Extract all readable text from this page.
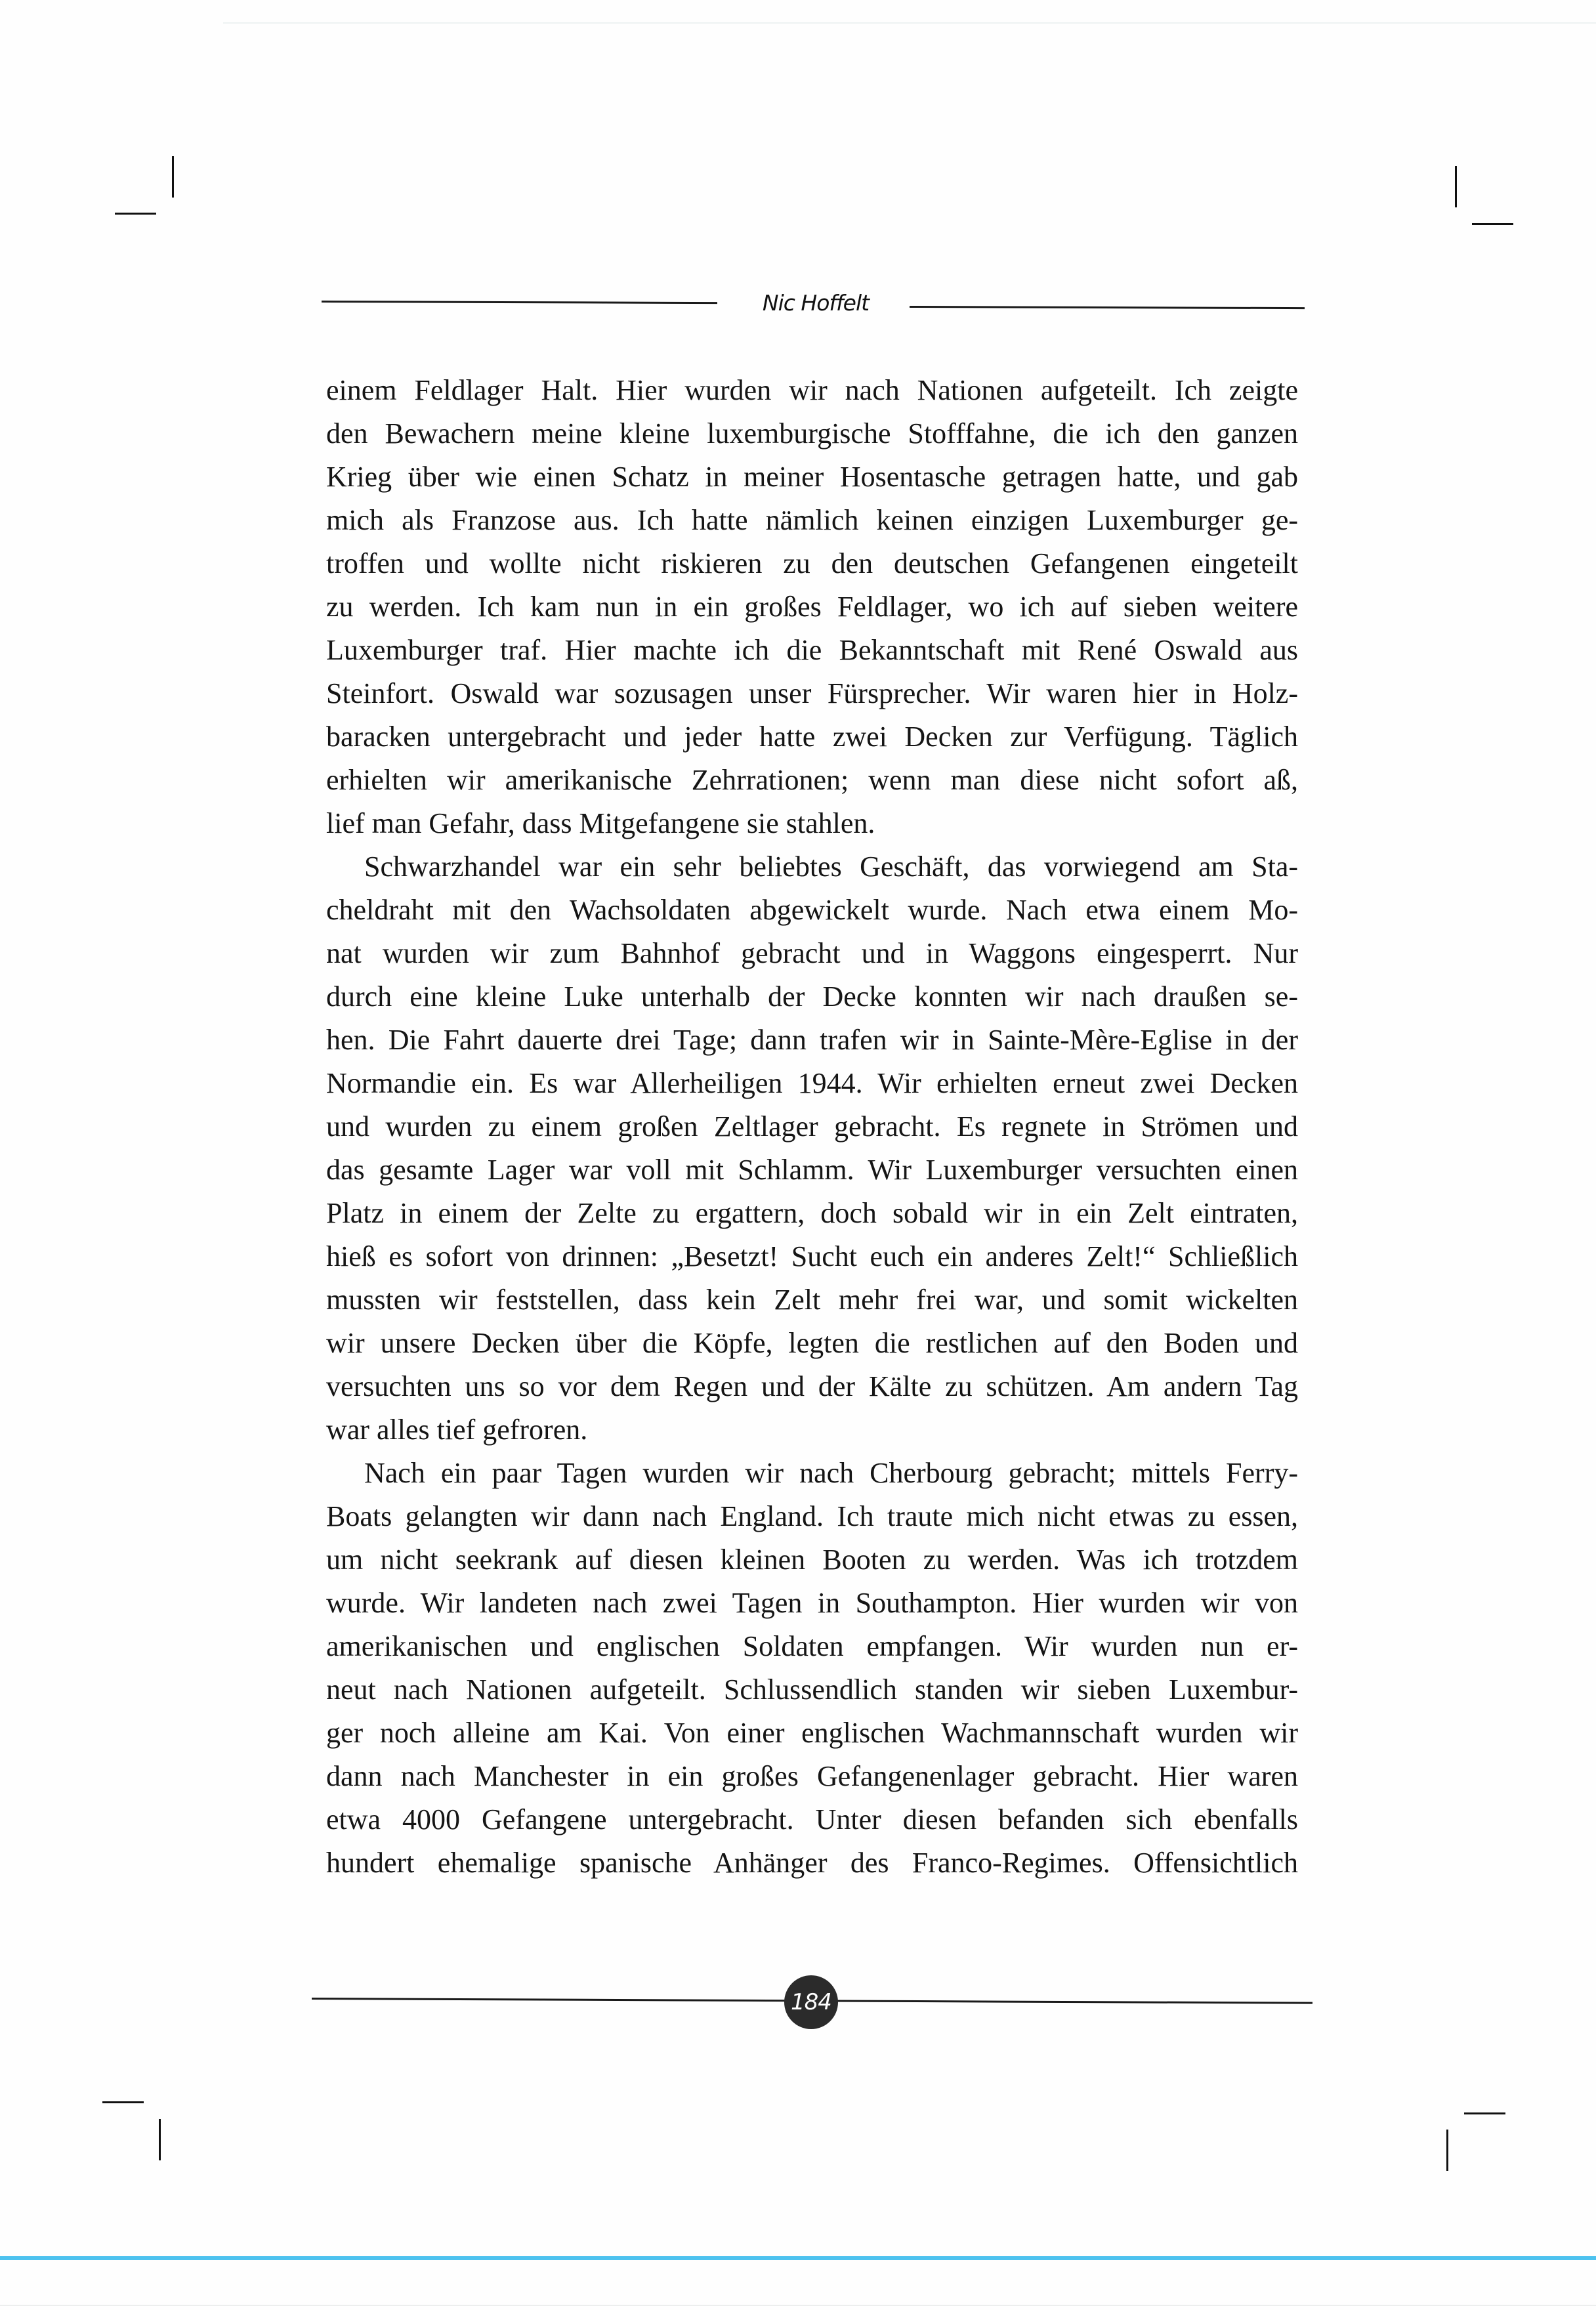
Nic Hoffelt
einem Feldlager Halt. Hier wurden wir nach Nationen aufgeteilt. Ich zeigte
den Bewachern meine kleine luxemburgische Stofffahne, die ich den ganzen
Krieg über wie einen Schatz in meiner Hosentasche getragen hatte, und gab
mich als Franzose aus. Ich hatte nämlich keinen einzigen Luxemburger ge-
troffen und wollte nicht riskieren zu den deutschen Gefangenen eingeteilt
zu werden. Ich kam nun in ein großes Feldlager, wo ich auf sieben weitere
Luxemburger traf. Hier machte ich die Bekanntschaft mit René Oswald aus
Steinfort. Oswald war sozusagen unser Fürsprecher. Wir waren hier in Holz-
baracken untergebracht und jeder hatte zwei Decken zur Verfügung. Täglich
erhielten wir amerikanische Zehrrationen; wenn man diese nicht sofort aß,
lief man Gefahr, dass Mitgefangene sie stahlen.
Schwarzhandel war ein sehr beliebtes Geschäft, das vorwiegend am Sta-
cheldraht mit den Wachsoldaten abgewickelt wurde. Nach etwa einem Mo-
nat wurden wir zum Bahnhof gebracht und in Waggons eingesperrt. Nur
durch eine kleine Luke unterhalb der Decke konnten wir nach draußen se-
hen. Die Fahrt dauerte drei Tage; dann trafen wir in Sainte-Mère-Eglise in der
Normandie ein. Es war Allerheiligen 1944. Wir erhielten erneut zwei Decken
und wurden zu einem großen Zeltlager gebracht. Es regnete in Strömen und
das gesamte Lager war voll mit Schlamm. Wir Luxemburger versuchten einen
Platz in einem der Zelte zu ergattern, doch sobald wir in ein Zelt eintraten,
hieß es sofort von drinnen: „Besetzt! Sucht euch ein anderes Zelt!“ Schließlich
mussten wir feststellen, dass kein Zelt mehr frei war, und somit wickelten
wir unsere Decken über die Köpfe, legten die restlichen auf den Boden und
versuchten uns so vor dem Regen und der Kälte zu schützen. Am andern Tag
war alles tief gefroren.
Nach ein paar Tagen wurden wir nach Cherbourg gebracht; mittels Ferry-
Boats gelangten wir dann nach England. Ich traute mich nicht etwas zu essen,
um nicht seekrank auf diesen kleinen Booten zu werden. Was ich trotzdem
wurde. Wir landeten nach zwei Tagen in Southampton. Hier wurden wir von
amerikanischen und englischen Soldaten empfangen. Wir wurden nun er-
neut nach Nationen aufgeteilt. Schlussendlich standen wir sieben Luxembur-
ger noch alleine am Kai. Von einer englischen Wachmannschaft wurden wir
dann nach Manchester in ein großes Gefangenenlager gebracht. Hier waren
etwa 4000 Gefangene untergebracht. Unter diesen befanden sich ebenfalls
hundert ehemalige spanische Anhänger des Franco-Regimes. Offensichtlich
184
